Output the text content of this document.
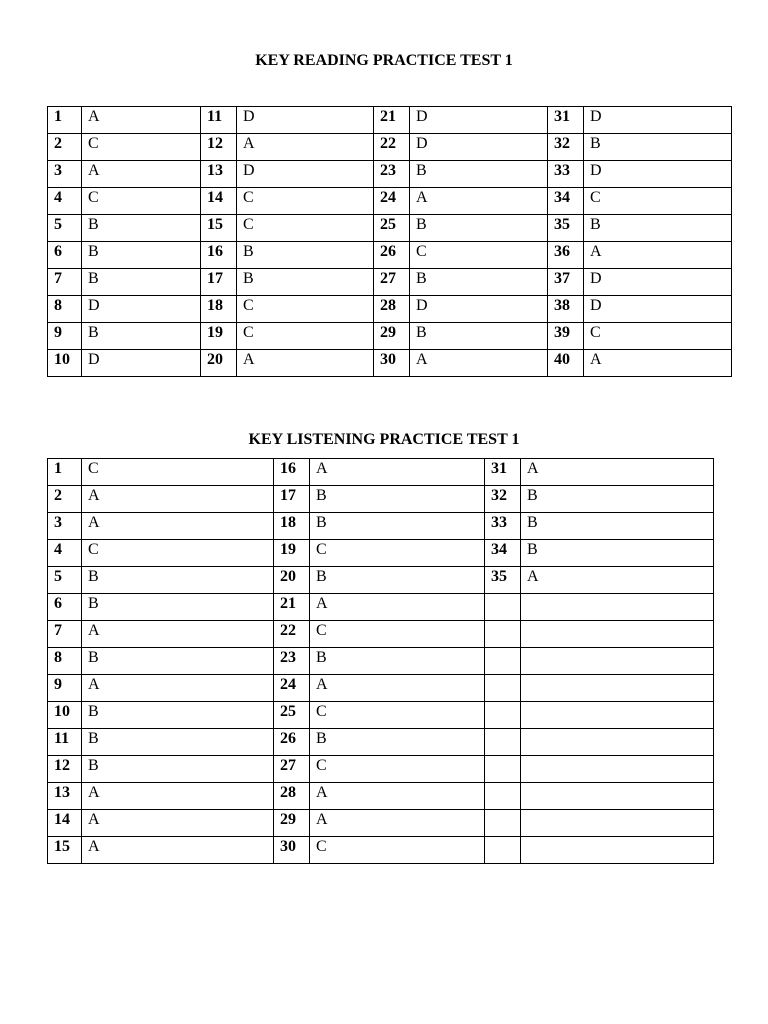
KEY READING PRACTICE TEST 1
1	A	11	D	21	D	31	D
2	C	12	A	22	D	32	B
3	A	13	D	23	B	33	D
4	C	14	C	24	A	34	C
5	B	15	C	25	B	35	B
6	B	16	B	26	C	36	A
7	B	17	B	27	B	37	D
8	D	18	C	28	D	38	D
9	B	19	C	29	B	39	C
10	D	20	A	30	A	40	A
KEY LISTENING PRACTICE TEST 1
1	C	16	A	31	A
2	A	17	B	32	B
3	A	18	B	33	B
4	C	19	C	34	B
5	B	20	B	35	A
6	B	21	A		
7	A	22	C		
8	B	23	B		
9	A	24	A		
10	B	25	C		
11	B	26	B		
12	B	27	C		
13	A	28	A		
14	A	29	A		
15	A	30	C		
